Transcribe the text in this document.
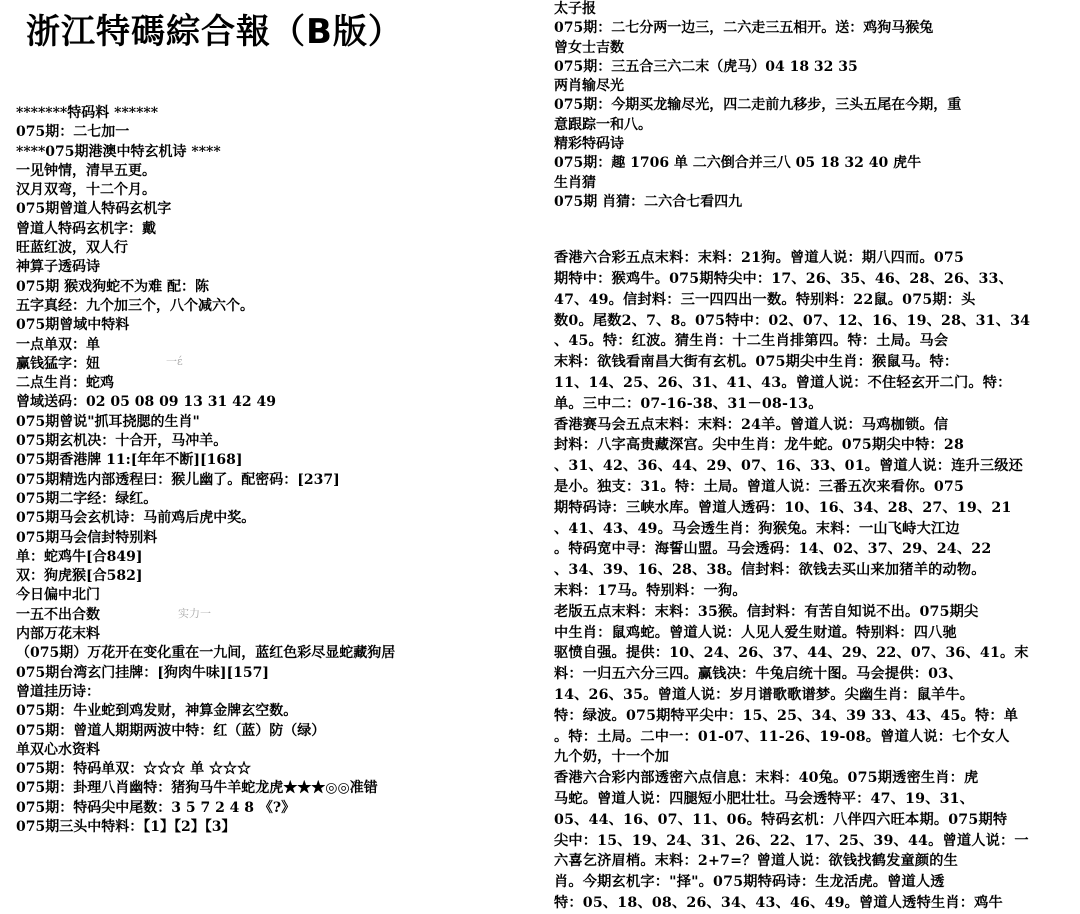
浙江特碼綜合報（B版）
*******特码料 ******
075期：二七加一
****075期港澳中特玄机诗 ****
一见钟情，清早五更。
汉月双弯，十二个月。
075期曾道人特码玄机字
曾道人特码玄机字：戴
旺蓝红波，双人行
神算子透码诗
075期 猴戏狗蛇不为难 配：陈
五字真经：九个加三个，八个减六个。
075期曾域中特料
一点单双：单
赢钱猛字：妞
二点生肖：蛇鸡
曾域送码：02 05 08 09 13 31 42 49
075期曾说"抓耳挠腮的生肖"
075期玄机决：十合开，马冲羊。
075期香港牌 11:[年年不断][168]
075期精选内部透程曰：猴儿幽了。配密码：[237]
075期二字经：绿红。
075期马会玄机诗：马前鸡后虎中奖。
075期马会信封特别料
单：蛇鸡牛[合849]
双：狗虎猴[合582]
今日偏中北门
一五不出合数
内部万花末料
（075期）万花开在变化重在一九间，蓝红色彩尽显蛇藏狗居
075期台湾玄门挂牌：[狗肉牛味][157]
曾道挂历诗：
075期：牛业蛇到鸡发财，神算金牌玄空数。
075期：曾道人期期两波中特：红（蓝）防（绿）
单双心水资料
075期：特码单双：☆☆☆ 单 ☆☆☆
075期：卦理八肖幽特：猪狗马牛羊蛇龙虎★★★◎◎准错
075期：特码尖中尾数：3 5 7 2 4 8 《?》
075期三头中特料：【1】【2】【3】
实力一
一έ
太子报
075期：二七分两一边三，二六走三五相开。送：鸡狗马猴兔
曾女士吉数
075期：三五合三六二末（虎马）04 18 32 35
两肖输尽光
075期：今期买龙输尽光，四二走前九移步，三头五尾在今期，重
意跟踪一和八。
精彩特码诗
075期：趣 1706 单 二六倒合并三八 05 18 32 40 虎牛
生肖猜
075期 肖猜：二六合七看四九
香港六合彩五点末料：末料：21狗。曾道人说：期八四而。075
期特中：猴鸡牛。075期特尖中：17、26、35、46、28、26、33、
47、49。信封料：三一四四出一数。特别料：22鼠。075期：头
数0。尾数2、7、8。075特中：02、07、12、16、19、28、31、34
、45。特：红波。猜生肖：十二生肖排第四。特：土局。马会
末料：欲钱看南昌大街有玄机。075期尖中生肖：猴鼠马。特：
11、14、25、26、31、41、43。曾道人说：不住轻玄开二门。特：
单。三中二：07-16-38、31－08-13。
香港赛马会五点末料：末料：24羊。曾道人说：马鸡枷锁。信
封料：八字高贵藏深宫。尖中生肖：龙牛蛇。075期尖中特：28
、31、42、36、44、29、07、16、33、01。曾道人说：连升三级还
是小。独支：31。特：土局。曾道人说：三番五次来看你。075
期特码诗：三峡水库。曾道人透码：10、16、34、28、27、19、21
、41、43、49。马会透生肖：狗猴兔。末料：一山飞峙大江边
。特码宽中寻：海誓山盟。马会透码：14、02、37、29、24、22
、34、39、16、28、38。信封料：欲钱去买山来加猪羊的动物。
末料：17马。特别料：一狗。
老版五点末料：末料：35猴。信封料：有苦自知说不出。075期尖
中生肖：鼠鸡蛇。曾道人说：人见人爱生财道。特别料：四八驰
驱愤自强。提供：10、24、26、37、44、29、22、07、36、41。末
料：一归五六分三四。赢钱决：牛兔启统十图。马会提供：03、
14、26、35。曾道人说：岁月谱歌歌谱梦。尖幽生肖：鼠羊牛。
特：绿波。075期特平尖中：15、25、34、39 33、43、45。特：单
。特：土局。二中一：01-07、11-26、19-08。曾道人说：七个女人
九个奶，十一个加
香港六合彩内部透密六点信息：末料：40兔。075期透密生肖：虎
马蛇。曾道人说：四腿短小肥壮壮。马会透特平：47、19、31、
05、44、16、07、11、06。特码玄机：八伴四六旺本期。075期特
尖中：15、19、24、31、26、22、17、25、39、44。曾道人说：一
六喜乞济眉梢。末料：2+7=？曾道人说：欲钱找鹤发童颜的生
肖。今期玄机字："择"。075期特码诗：生龙活虎。曾道人透
特：05、18、08、26、34、43、46、49。曾道人透特生肖：鸡牛
